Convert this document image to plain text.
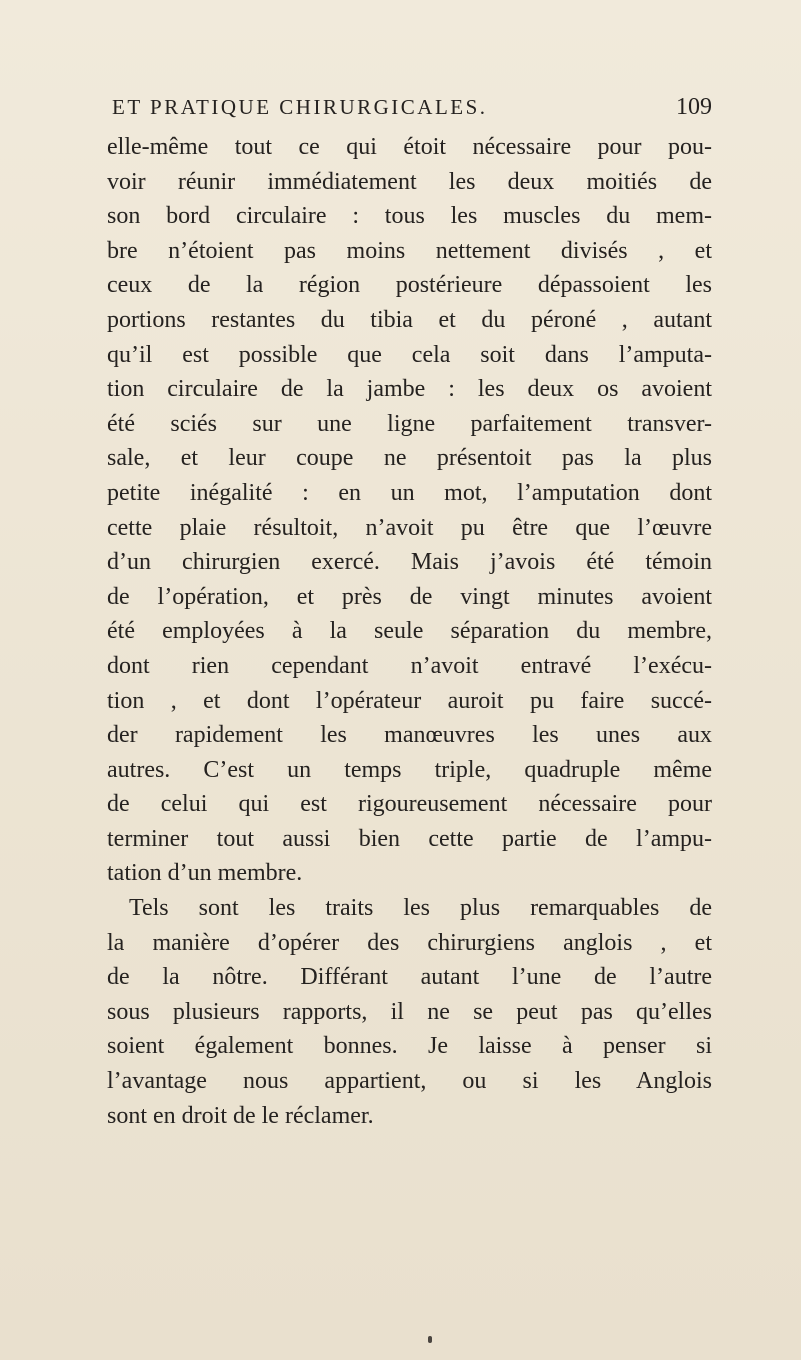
ET PRATIQUE CHIRURGICALES.	109
elle-même tout ce qui étoit nécessaire pour pou-
voir réunir immédiatement les deux moitiés de
son bord circulaire : tous les muscles du mem-
bre n’étoient pas moins nettement divisés , et
ceux de la région postérieure dépassoient les
portions restantes du tibia et du péroné , autant
qu’il est possible que cela soit dans l’amputa-
tion circulaire de la jambe : les deux os avoient
été sciés sur une ligne parfaitement transver-
sale, et leur coupe ne présentoit pas la plus
petite inégalité : en un mot, l’amputation dont
cette plaie résultoit, n’avoit pu être que l’œuvre
d’un chirurgien exercé. Mais j’avois été témoin
de l’opération, et près de vingt minutes avoient
été employées à la seule séparation du membre,
dont rien cependant n’avoit entravé l’exécu-
tion , et dont l’opérateur auroit pu faire succé-
der rapidement les manœuvres les unes aux
autres. C’est un temps triple, quadruple même
de celui qui est rigoureusement nécessaire pour
terminer tout aussi bien cette partie de l’ampu-
tation d’un membre.
Tels sont les traits les plus remarquables de
la manière d’opérer des chirurgiens anglois , et
de la nôtre. Différant autant l’une de l’autre
sous plusieurs rapports, il ne se peut pas qu’elles
soient également bonnes. Je laisse à penser si
l’avantage nous appartient, ou si les Anglois
sont en droit de le réclamer.
